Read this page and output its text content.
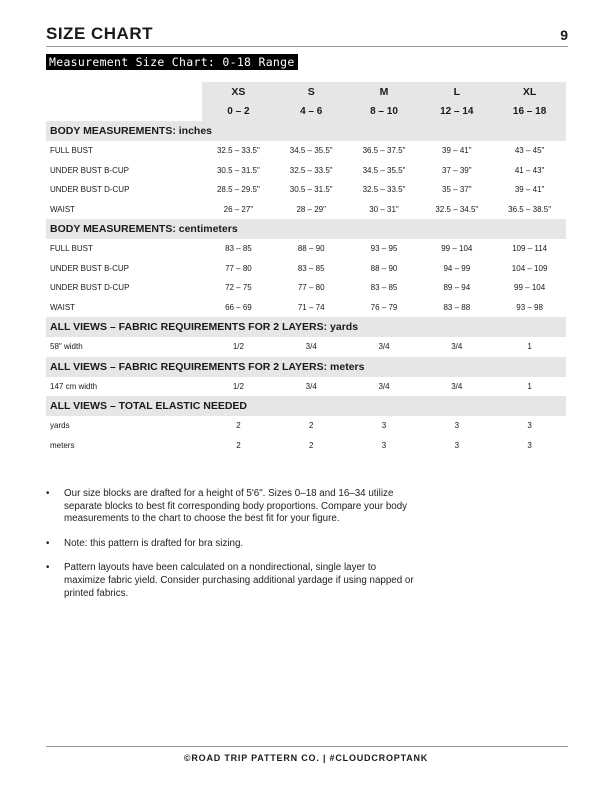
SIZE CHART	9
Measurement Size Chart: 0-18 Range
	XS	S	M	L	XL
	0 – 2	4 – 6	8 – 10	12 – 14	16 – 18
BODY MEASUREMENTS: inches					
FULL BUST	32.5 – 33.5"	34.5 – 35.5"	36.5 – 37.5"	39 – 41"	43 – 45"
UNDER BUST B-CUP	30.5 – 31.5"	32.5 – 33.5"	34.5 – 35.5"	37 – 39"	41 – 43"
UNDER BUST D-CUP	28.5 – 29.5"	30.5 – 31.5"	32.5 – 33.5"	35 – 37"	39 – 41"
WAIST	26 – 27"	28 – 29"	30 – 31"	32.5 – 34.5"	36.5 – 38.5"
BODY MEASUREMENTS: centimeters					
FULL BUST	83 – 85	88 – 90	93 – 95	99 – 104	109 – 114
UNDER BUST B-CUP	77 – 80	83 – 85	88 – 90	94 – 99	104 – 109
UNDER BUST D-CUP	72 – 75	77 – 80	83 – 85	89 – 94	99 – 104
WAIST	66 – 69	71 – 74	76 – 79	83 – 88	93 – 98
ALL VIEWS – FABRIC REQUIREMENTS FOR 2 LAYERS: yards					
58" width	1/2	3/4	3/4	3/4	1
ALL VIEWS – FABRIC REQUIREMENTS FOR 2 LAYERS: meters					
147 cm width	1/2	3/4	3/4	3/4	1
ALL VIEWS – TOTAL ELASTIC NEEDED					
yards	2	2	3	3	3
meters	2	2	3	3	3
• Our size blocks are drafted for a height of 5'6". Sizes 0–18 and 16–34 utilize separate blocks to best fit corresponding body proportions. Compare your body measurements to the chart to choose the best fit for your figure.
• Note: this pattern is drafted for bra sizing.
• Pattern layouts have been calculated on a nondirectional, single layer to maximize fabric yield. Consider purchasing additional yardage if using napped or printed fabrics.
©ROAD TRIP PATTERN CO. | #CLOUDCROPTANK
